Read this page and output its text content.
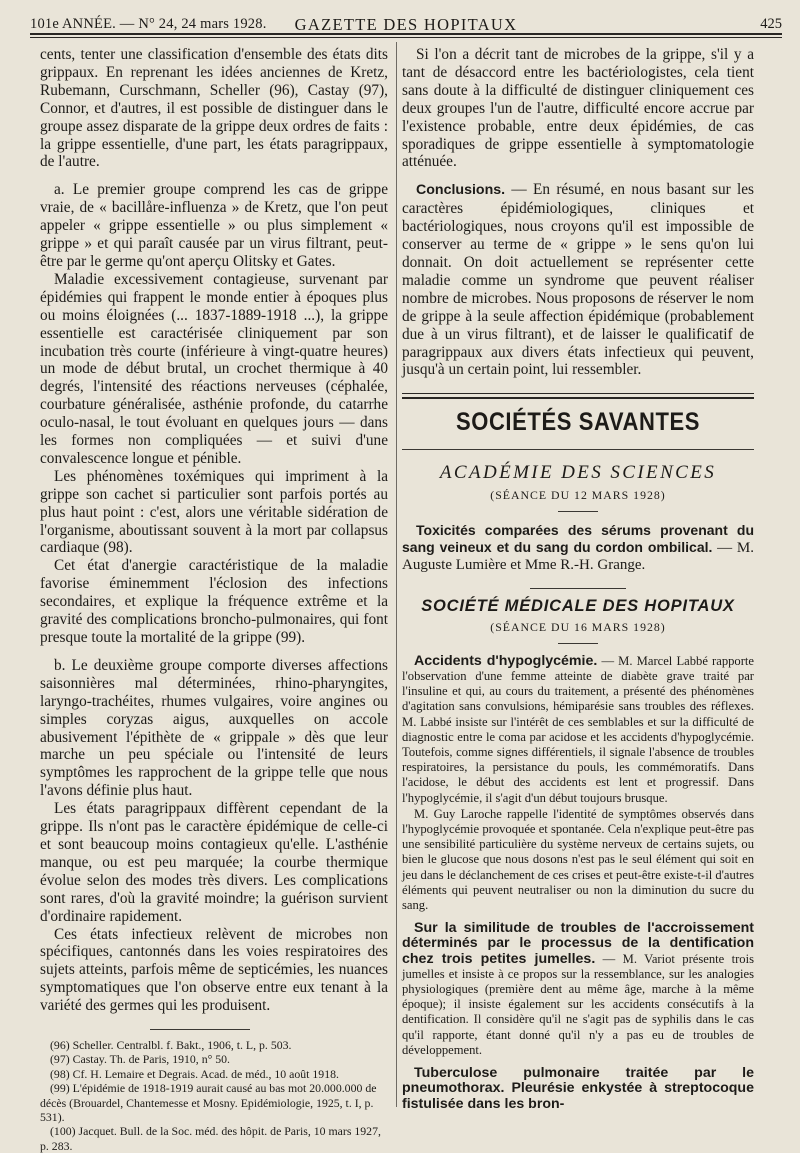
101e ANNÉE. — N° 24, 24 mars 1928.	GAZETTE DES HOPITAUX	425

cents, tenter une classification d'ensemble des états dits grippaux. En reprenant les idées anciennes de Kretz, Rubemann, Curschmann, Scheller (96), Castay (97), Connor, et d'autres, il est possible de distinguer dans le groupe assez disparate de la grippe deux ordres de faits : la grippe essentielle, d'une part, les états paragrippaux, de l'autre.

a. Le premier groupe comprend les cas de grippe vraie, de « bacillåre-influenza » de Kretz, que l'on peut appeler « grippe essentielle » ou plus simplement « grippe » et qui paraît causée par un virus filtrant, peut-être par le germe qu'ont aperçu Olitsky et Gates.

Maladie excessivement contagieuse, survenant par épidémies qui frappent le monde entier à époques plus ou moins éloignées (... 1837-1889-1918 ...), la grippe essentielle est caractérisée cliniquement par son incubation très courte (inférieure à vingt-quatre heures) un mode de début brutal, un crochet thermique à 40 degrés, l'intensité des réactions nerveuses (céphalée, courbature généralisée, asthénie profonde, du catarrhe oculo-nasal, le tout évoluant en quelques jours — dans les formes non compliquées — et suivi d'une convalescence longue et pénible.

Les phénomènes toxémiques qui impriment à la grippe son cachet si particulier sont parfois portés au plus haut point : c'est, alors une véritable sidération de l'organisme, aboutissant souvent à la mort par collapsus cardiaque (98).

Cet état d'anergie caractéristique de la maladie favorise éminemment l'éclosion des infections secondaires, et explique la fréquence extrême et la gravité des complications broncho-pulmonaires, qui font presque toute la mortalité de la grippe (99).

b. Le deuxième groupe comporte diverses affections saisonnières mal déterminées, rhino-pharyngites, laryngo-trachéites, rhumes vulgaires, voire angines ou simples coryzas aigus, auxquelles on accole abusivement l'épithète de « grippale » dès que leur marche un peu spéciale ou l'intensité de leurs symptômes les rapprochent de la grippe telle que nous l'avons définie plus haut.

Les états paragrippaux diffèrent cependant de la grippe. Ils n'ont pas le caractère épidémique de celle-ci et sont beaucoup moins contagieux qu'elle. L'asthénie manque, ou est peu marquée; la courbe thermique évolue selon des modes très divers. Les complications sont rares, d'où la gravité moindre; la guérison survient d'ordinaire rapidement.

Ces états infectieux relèvent de microbes non spécifiques, cantonnés dans les voies respiratoires des sujets atteints, parfois même de septicémies, les nuances symptomatiques que l'on observe entre eux tenant à la variété des germes qui les produisent.

(96) Scheller. Centralbl. f. Bakt., 1906, t. L, p. 503.

(97) Castay. Th. de Paris, 1910, n° 50.

(98) Cf. H. Lemaire et Degrais. Acad. de méd., 10 août 1918.

(99) L'épidémie de 1918-1919 aurait causé au bas mot 20.000.000 de décès (Brouardel, Chantemesse et Mosny. Epidémiologie, 1925, t. I, p. 531).

(100) Jacquet. Bull. de la Soc. méd. des hôpit. de Paris, 10 mars 1927, p. 283.

Si l'on a décrit tant de microbes de la grippe, s'il y a tant de désaccord entre les bactériologistes, cela tient sans doute à la difficulté de distinguer cliniquement ces deux groupes l'un de l'autre, difficulté encore accrue par l'existence probable, entre deux épidémies, de cas sporadiques de grippe essentielle à symptomatologie atténuée.

Conclusions. — En résumé, en nous basant sur les caractères épidémiologiques, cliniques et bactériologiques, nous croyons qu'il est impossible de conserver au terme de « grippe » le sens qu'on lui donnait. On doit actuellement se représenter cette maladie comme un syndrome que peuvent réaliser nombre de microbes. Nous proposons de réserver le nom de grippe à la seule affection épidémique (probablement due à un virus filtrant), et de laisser le qualificatif de paragrippaux aux divers états infectieux qui peuvent, jusqu'à un certain point, lui ressembler.

SOCIÉTÉS SAVANTES
ACADÉMIE DES SCIENCES
(SÉANCE DU 12 MARS 1928)

Toxicités comparées des sérums provenant du sang veineux et du sang du cordon ombilical. — M. Auguste Lumière et Mme R.-H. Grange.

SOCIÉTÉ MÉDICALE DES HOPITAUX
(SÉANCE DU 16 MARS 1928)

Accidents d'hypoglycémie. — M. Marcel Labbé rapporte l'observation d'une femme atteinte de diabète grave traité par l'insuline et qui, au cours du traitement, a présenté des phénomènes d'agitation sans convulsions, hémiparésie sans troubles des réflexes. M. Labbé insiste sur l'intérêt de ces semblables et sur la difficulté de diagnostic entre le coma par acidose et les accidents d'hypoglycémie. Toutefois, comme signes différentiels, il signale l'absence de troubles respiratoires, la persistance du pouls, les commémoratifs. Dans l'acidose, le début des accidents est lent et progressif. Dans l'hypoglycémie, il s'agit d'un début toujours brusque.

M. Guy Laroche rappelle l'identité de symptômes observés dans l'hypoglycémie provoquée et spontanée. Cela n'explique peut-être pas une sensibilité particulière du système nerveux de certains sujets, ou bien le glucose que nous dosons n'est pas le seul élément qui soit en jeu dans le déclanchement de ces crises et peut-être existe-t-il d'autres éléments qui peuvent neutraliser ou non la diminution du sucre du sang.

Sur la similitude de troubles de l'accroissement déterminés par le processus de la dentification chez trois petites jumelles. — M. Variot présente trois jumelles et insiste à ce propos sur la ressemblance, sur les analogies physiologiques (première dent au même âge, marche à la même époque); il insiste également sur les accidents consécutifs à la dentification. Il considère qu'il ne s'agit pas de syphilis dans le cas qu'il rapporte, étant donné qu'il n'y a pas eu de troubles de développement.

Tuberculose pulmonaire traitée par le pneumothorax. Pleurésie enkystée à streptocoque fistulisée dans les bron-
